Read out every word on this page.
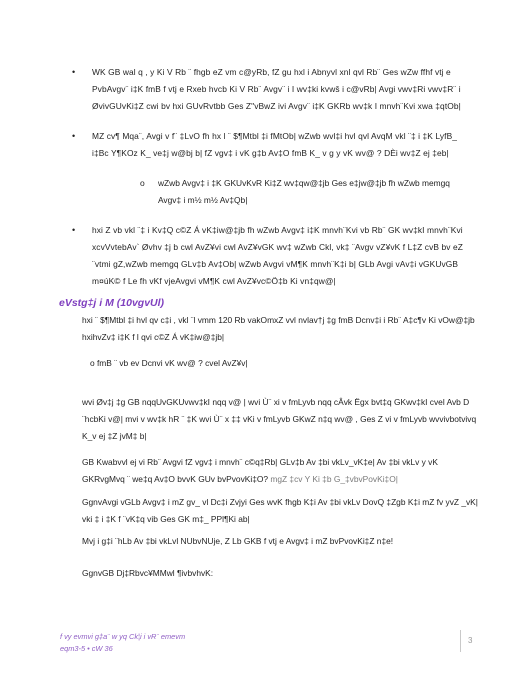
• WK GB wal q , y Ki V Rb ¨ fhgb eZ vm c@yRb, fZ gu hxl i Abnyvl xnl qvl Rb¨ Ges wZw ffhf vtj e PvbAvgv¨ i‡K fmB f vtj e Rxeb hvcb Ki V Rb¨ Avgv¨ i I wv‡ki kvwš i c@vRb| Avgi vwv‡Ri vwv‡R¨ i ØvivGUvKi‡Z cwi bv hxi GUvRvtbb Ges Z"vBwZ ivi Avgv¨ i‡K GKRb wv‡k I mnvh¨Kvi xwa ‡qtOb|
• MZ cv¶ Mqa¨, Avgi v f¨ ‡LvO fh hx l ¨ $¶Mtbl ‡i fMtOb| wZwb wvl‡i hvl qvl AvqM vkl ¨‡ i ‡K LyfB_ i‡Bc Y¶KOz K_ ve‡j w@bj b| fZ vgv‡ i vK g‡b Av‡O fmB K_ v g y vK wv@ ? DÈi wv‡Z ej ‡eb|
o wZwb Avgv‡ i ‡K GKUvKvR Ki‡Z wv‡qw@‡jb Ges e‡jw@‡jb fh wZwb memgq Avgv‡ i m½ m½ Av‡Qb|
• hxi Z vb vkl ¨‡ i Kv‡Q c©Z Á vK‡iw@‡jb fh wZwb Avgv‡ i‡K mnvh¨Kvi vb Rb¨ GK wv‡kI mnvh¨Kvi xcvVvtebAv` Øvhv ‡j b cwl AvZ¥vi cwl AvZ¥vGK wv‡ wZwb Ckl, vk‡ ¨Avgv vZ¥vK f L‡Z cvB bv eZ ¨vtmi gZ,wZwb memgq GLv‡b Av‡Ob| wZwb Avgvi vM¶K mnvh¨K‡i b| GLb Avgi vAv‡i vGKUvGB m¤úK© f Le fh vKf vjeAvgvi vM¶K cwl AvZ¥vc©Ö‡b Ki vn‡qw@|
eVstg‡j i M (10vgvUl)
hxi ¨ $¶Mtbl ‡i hvl qv c‡i , vkl ¨l vmm 120 Rb vakOmxZ vvl nvlav†j ‡g fmB Dcnv‡i i Rb¨ A‡c¶v Ki vOw@‡jb hxihvZv‡ i‡K f l qvi c©Z Á vK‡iw@‡jb|
o fmB ¨ vb ev Dcnvi vK wv@ ? cvel AvZ¥v|
wvi Øv‡j ‡g GB nqqUvGKUvwv‡kI nqq v@ | wvi Ù¨ xi v fmLyvb nqq cÂvk Ëgx bvt‡q GKwv‡kI cvel Avb D ¨hcbKi v@| mvi v wv‡k hR ¨ ‡K wvi Ù¨ x ‡‡ vKi v fmLyvb GKwZ n‡q wv@ , Ges Z vi v fmLyvb wvvivbotvivq K_v ej ‡Z jvM‡ b|
GB Kwabvvl ej vi Rb¨ Avgvi fZ vgv‡ i mnvh¨ c©q‡Rb| GLv‡b Av ‡bi vkLv_vK‡e| Av ‡bi vkLv y vK GKRvgMvq ¨ we‡q Av‡O bvvK GUv bvPvovKi‡O? mgZ ‡cv Y Ki ‡b G_‡vbvPovKi‡O|
GgnvAvgi vGLb Avgv‡ i mZ gv_ vl Dc‡i Zvjyi Ges wvK fhgb K‡i Av ‡bi vkLv DovQ ‡Zgb K‡i mZ fv yvZ _vK| vki ‡ i ‡K f ¨vK‡q vib Ges GK m‡_ PPl¶Ki ab|
Mvj i g‡i ¨hLb Av ‡bi vkLvl NUbvNUje, Z Lb GKB f vtj e Avgv‡ i mZ bvPvovKi‡Z n‡e!
GgnvGB Dj‡Rbvc¥MMwl ¶ivbvhvK:
f vy evmvi g‡a¨ w yq Ck¦i i vR¨ emevm
eqm3-5 • cW 36
3
